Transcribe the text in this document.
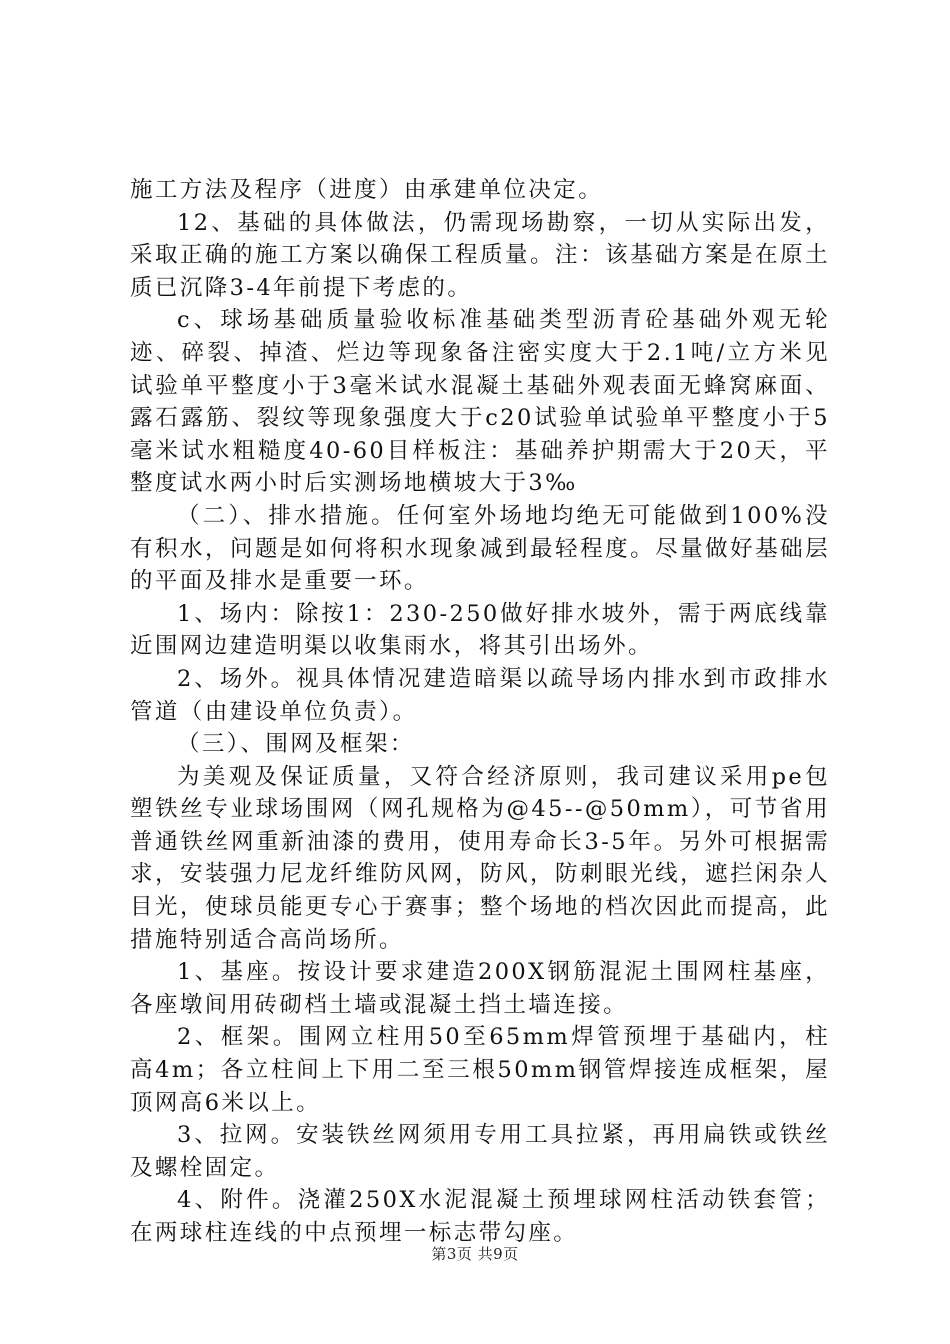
施工方法及程序（进度）由承建单位决定。

12、基础的具体做法，仍需现场勘察，一切从实际出发，采取正确的施工方案以确保工程质量。注：该基础方案是在原土质已沉降3-4年前提下考虑的。

c、球场基础质量验收标准基础类型沥青砼基础外观无轮迹、碎裂、掉渣、烂边等现象备注密实度大于2.1吨/立方米见试验单平整度小于3毫米试水混凝土基础外观表面无蜂窝麻面、露石露筋、裂纹等现象强度大于c20试验单试验单平整度小于5毫米试水粗糙度40-60目样板注：基础养护期需大于20天，平整度试水两小时后实测场地横坡大于3‰

（二）、排水措施。任何室外场地均绝无可能做到100%没有积水，问题是如何将积水现象减到最轻程度。尽量做好基础层的平面及排水是重要一环。

1、场内：除按1：230-250做好排水坡外，需于两底线靠近围网边建造明渠以收集雨水，将其引出场外。

2、场外。视具体情况建造暗渠以疏导场内排水到市政排水管道（由建设单位负责）。

（三）、围网及框架：

为美观及保证质量，又符合经济原则，我司建议采用pe包塑铁丝专业球场围网（网孔规格为@45--@50mm），可节省用普通铁丝网重新油漆的费用，使用寿命长3-5年。另外可根据需求，安装强力尼龙纤维防风网，防风，防刺眼光线，遮拦闲杂人目光，使球员能更专心于赛事；整个场地的档次因此而提高，此措施特别适合高尚场所。

1、基座。按设计要求建造200X钢筋混泥土围网柱基座，各座墩间用砖砌档土墙或混凝土挡土墙连接。

2、框架。围网立柱用50至65mm焊管预埋于基础内，柱高4m；各立柱间上下用二至三根50mm钢管焊接连成框架，屋顶网高6米以上。

3、拉网。安装铁丝网须用专用工具拉紧，再用扁铁或铁丝及螺栓固定。

4、附件。浇灌250X水泥混凝土预埋球网柱活动铁套管；在两球柱连线的中点预埋一标志带勾座。

第3页 共9页
